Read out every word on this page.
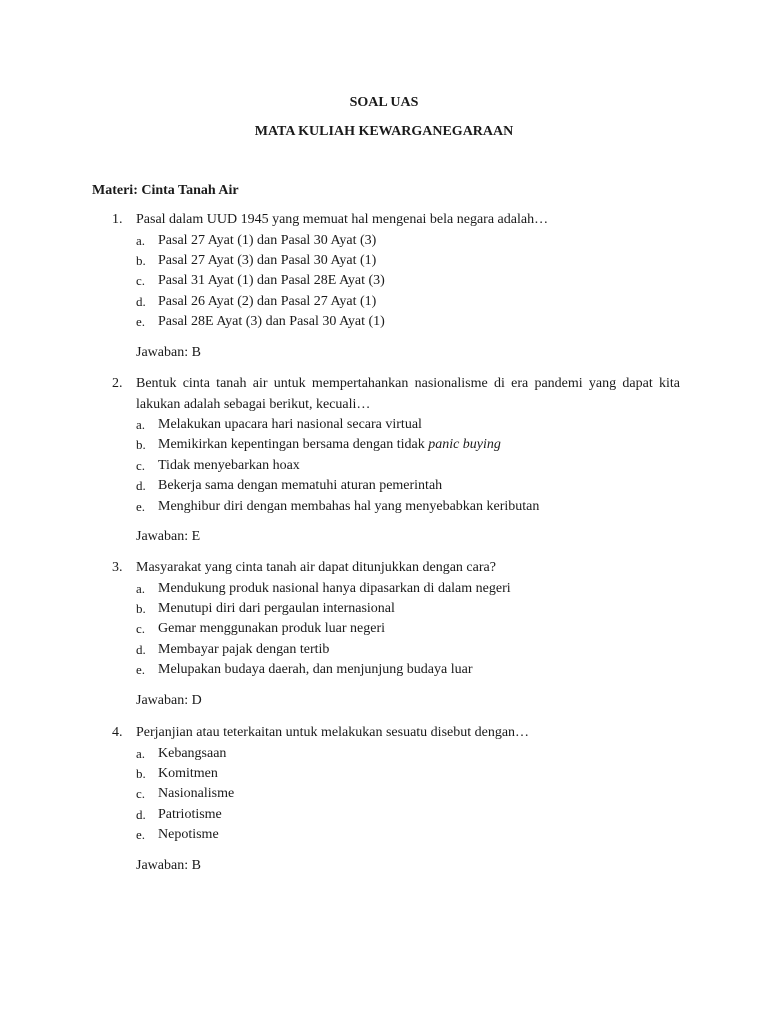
SOAL UAS
MATA KULIAH KEWARGANEGARAAN
Materi: Cinta Tanah Air
1. Pasal dalam UUD 1945 yang memuat hal mengenai bela negara adalah…
a. Pasal 27 Ayat (1) dan Pasal 30 Ayat (3)
b. Pasal 27 Ayat (3) dan Pasal 30 Ayat (1)
c. Pasal 31 Ayat (1) dan Pasal 28E Ayat (3)
d. Pasal 26 Ayat (2) dan Pasal 27 Ayat (1)
e. Pasal 28E Ayat (3) dan Pasal 30 Ayat (1)
Jawaban: B
2. Bentuk cinta tanah air untuk mempertahankan nasionalisme di era pandemi yang dapat kita lakukan adalah sebagai berikut, kecuali…
a. Melakukan upacara hari nasional secara virtual
b. Memikirkan kepentingan bersama dengan tidak panic buying
c. Tidak menyebarkan hoax
d. Bekerja sama dengan mematuhi aturan pemerintah
e. Menghibur diri dengan membahas hal yang menyebabkan keributan
Jawaban: E
3. Masyarakat yang cinta tanah air dapat ditunjukkan dengan cara?
a. Mendukung produk nasional hanya dipasarkan di dalam negeri
b. Menutupi diri dari pergaulan internasional
c. Gemar menggunakan produk luar negeri
d. Membayar pajak dengan tertib
e. Melupakan budaya daerah, dan menjunjung budaya luar
Jawaban: D
4. Perjanjian atau teterkaitan untuk melakukan sesuatu disebut dengan…
a. Kebangsaan
b. Komitmen
c. Nasionalisme
d. Patriotisme
e. Nepotisme
Jawaban: B
